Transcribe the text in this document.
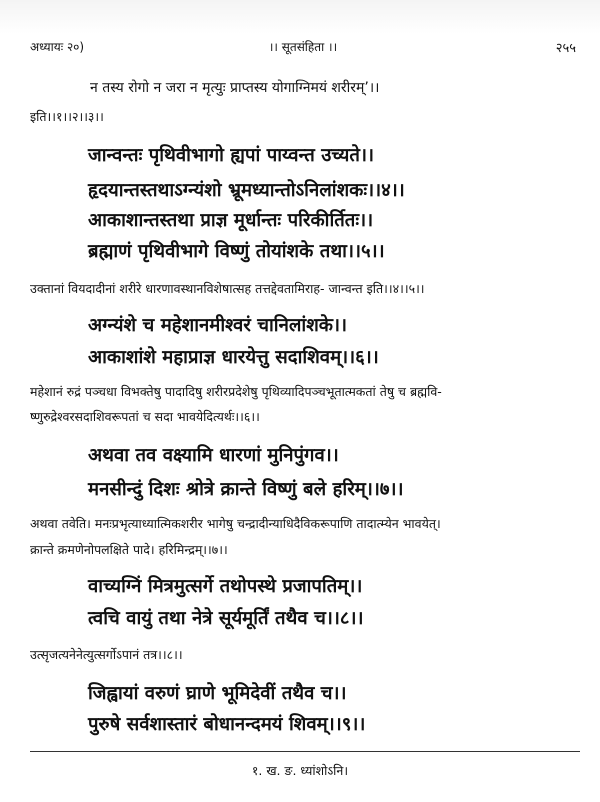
अध्यायः २०)	।। सूतसंहिता ।।	२५५
न तस्य रोगो न जरा न मृत्युः प्राप्तस्य योगाग्निमयं शरीरम्’।।
इति।।१।।२।।३।।
जान्वन्तः पृथिवीभागो ह्यपां पाय्वन्त उच्यते।।
हृदयान्तस्तथाऽग्न्यंशो भ्रूमध्यान्तोऽनिलांशकः।।४।।
आकाशान्तस्तथा प्राज्ञ मूर्धान्तः परिकीर्तितः।।
ब्रह्माणं पृथिवीभागे विष्णुं तोयांशके तथा।।५।।
उक्तानां वियदादीनां शरीरे धारणावस्थानविशेषात्सह तत्तद्देवतामिराह- जान्वन्त इति।।४।।५।।
अग्न्यंशे च महेशानमीश्वरं चानिलांशके।।
आकाशांशे महाप्राज्ञ धारयेत्तु सदाशिवम्।।६।।
महेशानं रुद्रं पञ्चधा विभक्तेषु पादादिषु शरीरप्रदेशेषु पृथिव्यादिपञ्चभूतात्मकतां तेषु च ब्रह्मवि-
ष्णुरुद्रेश्वरसदाशिवरूपतां च सदा भावयेदित्यर्थः।।६।।
अथवा तव वक्ष्यामि धारणां मुनिपुंगव।।
मनसीन्दुं दिशः श्रोत्रे क्रान्ते विष्णुं बले हरिम्।।७।।
अथवा तवेति। मनःप्रभृत्याध्यात्मिकशरीर भागेषु चन्द्रादीन्याधिदैविकरूपाणि तादात्म्येन भावयेत्।
क्रान्ते क्रमणेनोपलक्षिते पादे। हरिमिन्द्रम्।।७।।
वाच्यग्निं मित्रमुत्सर्गे तथोपस्थे प्रजापतिम्।।
त्वचि वायुं तथा नेत्रे सूर्यमूर्तिं तथैव च।।८।।
उत्सृजत्यनेनेत्युत्सर्गोऽपानं तत्र।।८।।
जिह्वायां वरुणं घ्राणे भूमिदेवीं तथैव च।।
पुरुषे सर्वशास्तारं बोधानन्दमयं शिवम्।।९।।
१. ख. ङ. ध्यांशोऽनि।
